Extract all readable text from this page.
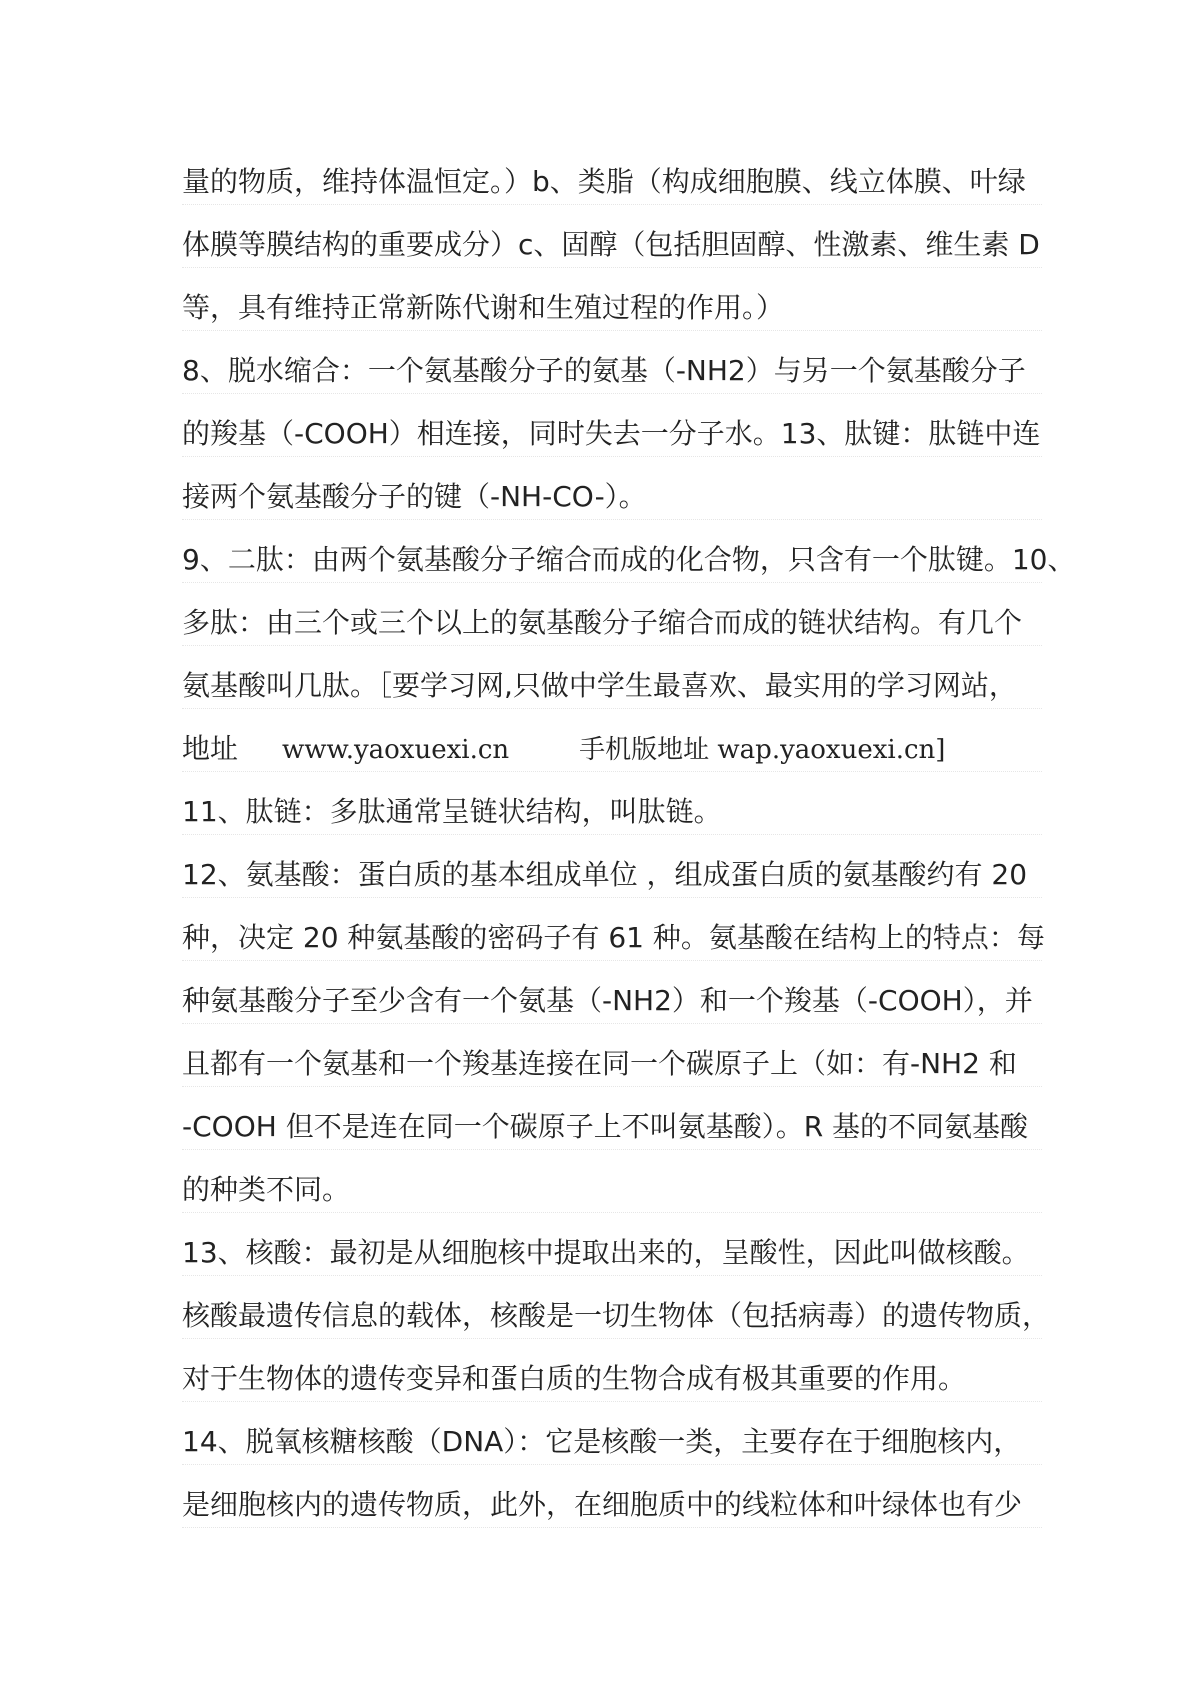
量的物质，维持体温恒定。）b、类脂（构成细胞膜、线立体膜、叶绿
体膜等膜结构的重要成分）c、固醇（包括胆固醇、性激素、维生素 D
等，具有维持正常新陈代谢和生殖过程的作用。）
8、脱水缩合：一个氨基酸分子的氨基（-NH2）与另一个氨基酸分子
的羧基（-COOH）相连接，同时失去一分子水。13、肽键：肽链中连
接两个氨基酸分子的键（-NH-CO-）。
9、二肽：由两个氨基酸分子缩合而成的化合物，只含有一个肽键。10、
多肽：由三个或三个以上的氨基酸分子缩合而成的链状结构。有几个
氨基酸叫几肽。［要学习网,只做中学生最喜欢、最实用的学习网站，
地址 www.yaoxuexi.cn	手机版地址 wap.yaoxuexi.cn]
11、肽链：多肽通常呈链状结构，叫肽链。
12、氨基酸：蛋白质的基本组成单位 ，组成蛋白质的氨基酸约有 20
种，决定 20 种氨基酸的密码子有 61 种。氨基酸在结构上的特点：每
种氨基酸分子至少含有一个氨基（-NH2）和一个羧基（-COOH），并
且都有一个氨基和一个羧基连接在同一个碳原子上（如：有-NH2 和
-COOH 但不是连在同一个碳原子上不叫氨基酸）。R 基的不同氨基酸
的种类不同。
13、核酸：最初是从细胞核中提取出来的，呈酸性，因此叫做核酸。
核酸最遗传信息的载体，核酸是一切生物体（包括病毒）的遗传物质，
对于生物体的遗传变异和蛋白质的生物合成有极其重要的作用。
14、脱氧核糖核酸（DNA）：它是核酸一类，主要存在于细胞核内，
是细胞核内的遗传物质，此外，在细胞质中的线粒体和叶绿体也有少
